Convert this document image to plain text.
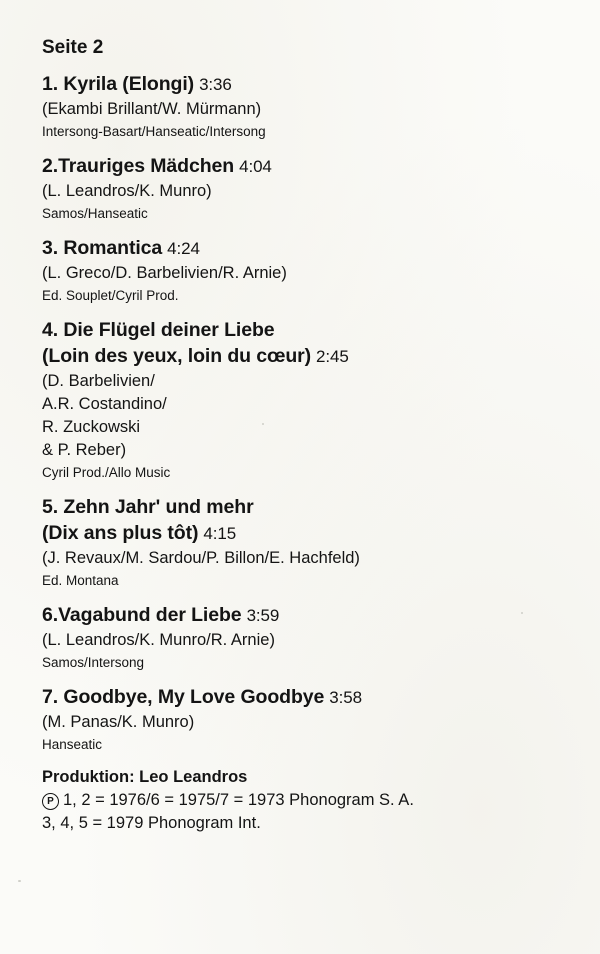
Seite 2
1. Kyrila (Elongi) 3:36
(Ekambi Brillant/W. Mürmann)
Intersong-Basart/Hanseatic/Intersong
2.Trauriges Mädchen 4:04
(L. Leandros/K. Munro)
Samos/Hanseatic
3. Romantica 4:24
(L. Greco/D. Barbelivien/R. Arnie)
Ed. Souplet/Cyril Prod.
4. Die Flügel deiner Liebe
(Loin des yeux, loin du cœur) 2:45
(D. Barbelivien/
A.R. Costandino/
R. Zuckowski
& P. Reber)
Cyril Prod./Allo Music
5. Zehn Jahr' und mehr
(Dix ans plus tôt) 4:15
(J. Revaux/M. Sardou/P. Billon/E. Hachfeld)
Ed. Montana
6.Vagabund der Liebe 3:59
(L. Leandros/K. Munro/R. Arnie)
Samos/Intersong
7. Goodbye, My Love Goodbye 3:58
(M. Panas/K. Munro)
Hanseatic
Produktion: Leo Leandros
P 1, 2 = 1976/6 = 1975/7 = 1973 Phonogram S. A.
3, 4, 5 = 1979 Phonogram Int.
